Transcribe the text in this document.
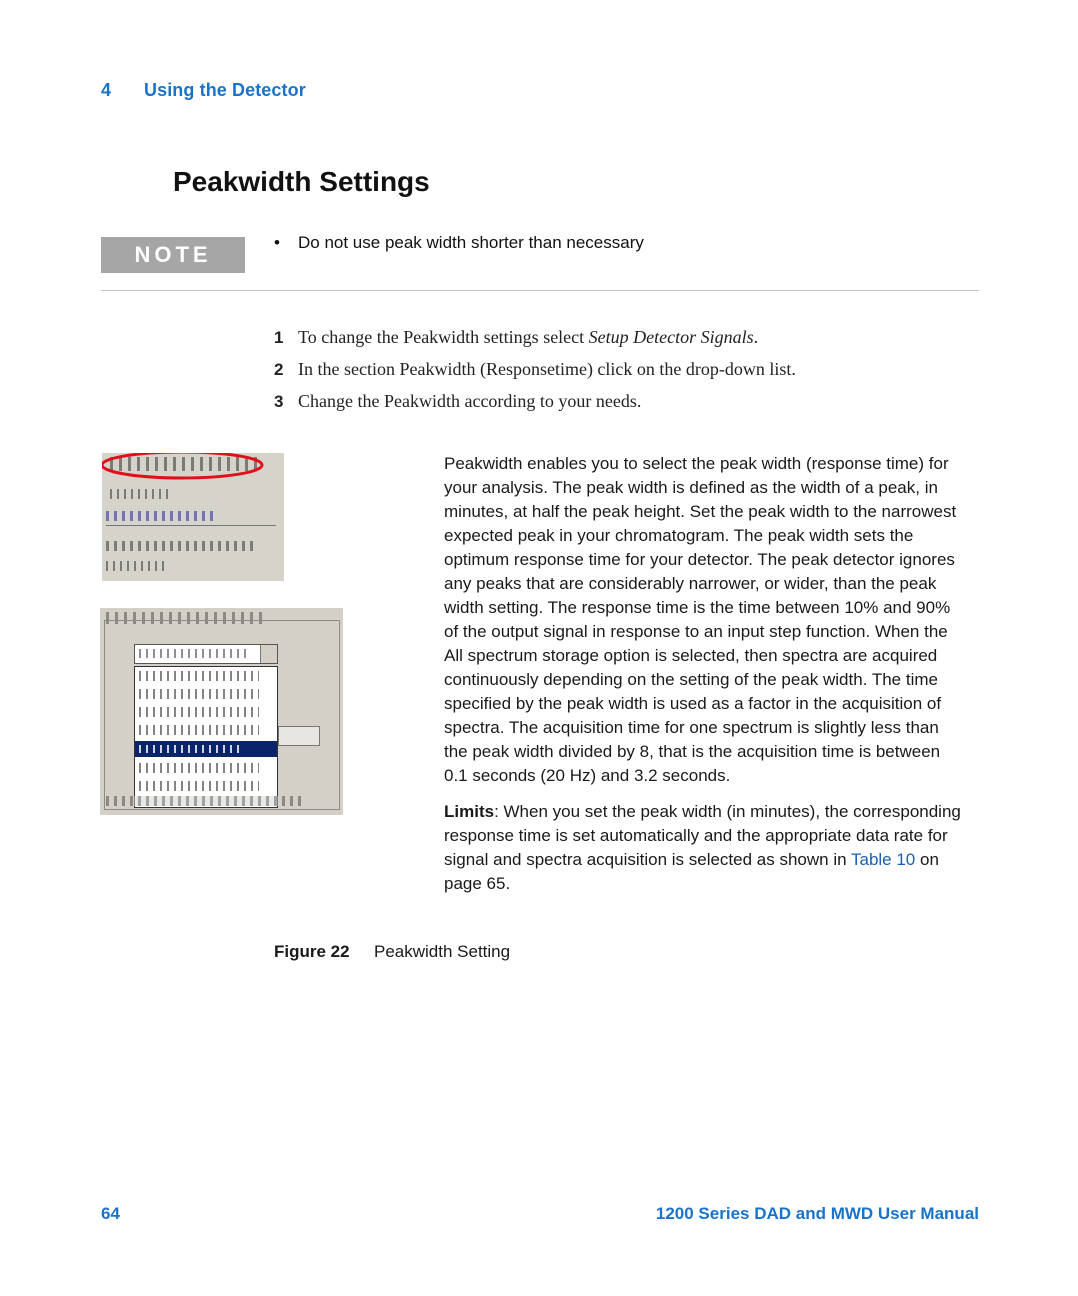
4 Using the Detector
Peakwidth Settings
NOTE	• Do not use peak width shorter than necessary
1 To change the Peakwidth settings select Setup Detector Signals.
2 In the section Peakwidth (Responsetime) click on the drop-down list.
3 Change the Peakwidth according to your needs.

Peakwidth enables you to select the peak width (response time) for your analysis. The peak width is defined as the width of a peak, in minutes, at half the peak height. Set the peak width to the narrowest expected peak in your chromatogram. The peak width sets the optimum response time for your detector. The peak detector ignores any peaks that are considerably narrower, or wider, than the peak width setting. The response time is the time between 10% and 90% of the output signal in response to an input step function. When the All spectrum storage option is selected, then spectra are acquired continuously depending on the setting of the peak width. The time specified by the peak width is used as a factor in the acquisition of spectra. The acquisition time for one spectrum is slightly less than the peak width divided by 8, that is the acquisition time is between 0.1 seconds (20 Hz) and 3.2 seconds.

Limits: When you set the peak width (in minutes), the corresponding response time is set automatically and the appropriate data rate for signal and spectra acquisition is selected as shown in Table 10 on page 65.

Figure 22 Peakwidth Setting
64	1200 Series DAD and MWD User Manual
